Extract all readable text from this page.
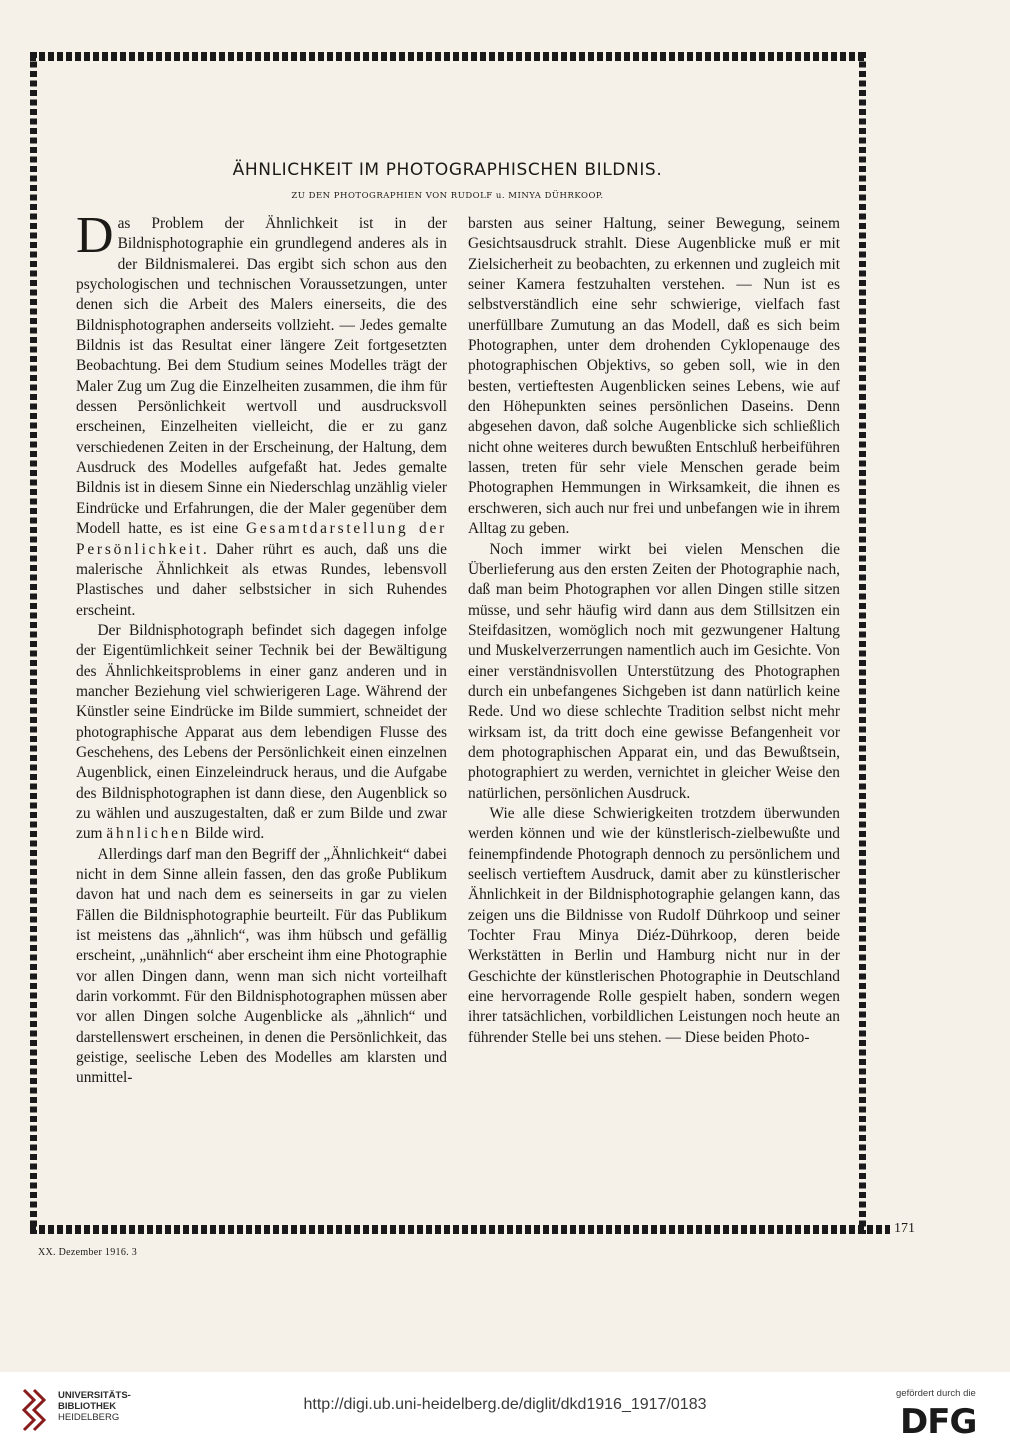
ÄHNLICHKEIT IM PHOTOGRAPHISCHEN BILDNIS.
ZU DEN PHOTOGRAPHIEN VON RUDOLF u. MINYA DÜHRKOOP.

Das Problem der Ähnlichkeit ist in der Bildnisphotographie ein grundlegend anderes als in der Bildnismalerei. Das ergibt sich schon aus den psychologischen und technischen Voraussetzungen, unter denen sich die Arbeit des Malers einerseits, die des Bildnisphotographen anderseits vollzieht. — Jedes gemalte Bildnis ist das Resultat einer längere Zeit fortgesetzten Beobachtung. Bei dem Studium seines Modelles trägt der Maler Zug um Zug die Einzelheiten zusammen, die ihm für dessen Persönlichkeit wertvoll und ausdrucksvoll erscheinen, Einzelheiten vielleicht, die er zu ganz verschiedenen Zeiten in der Erscheinung, der Haltung, dem Ausdruck des Modelles aufgefaßt hat. Jedes gemalte Bildnis ist in diesem Sinne ein Niederschlag unzählig vieler Eindrücke und Erfahrungen, die der Maler gegenüber dem Modell hatte, es ist eine Gesamtdarstellung der Persönlichkeit. Daher rührt es auch, daß uns die malerische Ähnlichkeit als etwas Rundes, lebensvoll Plastisches und daher selbstsicher in sich Ruhendes erscheint.

Der Bildnisphotograph befindet sich dagegen infolge der Eigentümlichkeit seiner Technik bei der Bewältigung des Ähnlichkeitsproblems in einer ganz anderen und in mancher Beziehung viel schwierigeren Lage. Während der Künstler seine Eindrücke im Bilde summiert, schneidet der photographische Apparat aus dem lebendigen Flusse des Geschehens, des Lebens der Persönlichkeit einen einzelnen Augenblick, einen Einzeleindruck heraus, und die Aufgabe des Bildnisphotographen ist dann diese, den Augenblick so zu wählen und auszugestalten, daß er zum Bilde und zwar zum ähnlichen Bilde wird.

Allerdings darf man den Begriff der „Ähnlichkeit“ dabei nicht in dem Sinne allein fassen, den das große Publikum davon hat und nach dem es seinerseits in gar zu vielen Fällen die Bildnisphotographie beurteilt. Für das Publikum ist meistens das „ähnlich“, was ihm hübsch und gefällig erscheint, „unähnlich“ aber erscheint ihm eine Photographie vor allen Dingen dann, wenn man sich nicht vorteilhaft darin vorkommt. Für den Bildnisphotographen müssen aber vor allen Dingen solche Augenblicke als „ähnlich“ und darstellenswert erscheinen, in denen die Persönlichkeit, das geistige, seelische Leben des Modelles am klarsten und unmittel-

barsten aus seiner Haltung, seiner Bewegung, seinem Gesichtsausdruck strahlt. Diese Augenblicke muß er mit Zielsicherheit zu beobachten, zu erkennen und zugleich mit seiner Kamera festzuhalten verstehen. — Nun ist es selbstverständlich eine sehr schwierige, vielfach fast unerfüllbare Zumutung an das Modell, daß es sich beim Photographen, unter dem drohenden Cyklopenauge des photographischen Objektivs, so geben soll, wie in den besten, vertieftesten Augenblicken seines Lebens, wie auf den Höhepunkten seines persönlichen Daseins. Denn abgesehen davon, daß solche Augenblicke sich schließlich nicht ohne weiteres durch bewußten Entschluß herbeiführen lassen, treten für sehr viele Menschen gerade beim Photographen Hemmungen in Wirksamkeit, die ihnen es erschweren, sich auch nur frei und unbefangen wie in ihrem Alltag zu geben.

Noch immer wirkt bei vielen Menschen die Überlieferung aus den ersten Zeiten der Photographie nach, daß man beim Photographen vor allen Dingen stille sitzen müsse, und sehr häufig wird dann aus dem Stillsitzen ein Steifdasitzen, womöglich noch mit gezwungener Haltung und Muskelverzerrungen namentlich auch im Gesichte. Von einer verständnisvollen Unterstützung des Photographen durch ein unbefangenes Sichgeben ist dann natürlich keine Rede. Und wo diese schlechte Tradition selbst nicht mehr wirksam ist, da tritt doch eine gewisse Befangenheit vor dem photographischen Apparat ein, und das Bewußtsein, photographiert zu werden, vernichtet in gleicher Weise den natürlichen, persönlichen Ausdruck.

Wie alle diese Schwierigkeiten trotzdem überwunden werden können und wie der künstlerisch-zielbewußte und feinempfindende Photograph dennoch zu persönlichem und seelisch vertieftem Ausdruck, damit aber zu künstlerischer Ähnlichkeit in der Bildnisphotographie gelangen kann, das zeigen uns die Bildnisse von Rudolf Dührkoop und seiner Tochter Frau Minya Diéz-Dührkoop, deren beide Werkstätten in Berlin und Hamburg nicht nur in der Geschichte der künstlerischen Photographie in Deutschland eine hervorragende Rolle gespielt haben, sondern wegen ihrer tatsächlichen, vorbildlichen Leistungen noch heute an führender Stelle bei uns stehen. — Diese beiden Photo-

171
XX. Dezember 1916. 3
UNIVERSITÄTS-
BIBLIOTHEK
HEIDELBERG
http://digi.ub.uni-heidelberg.de/diglit/dkd1916_1917/0183
gefördert durch die
DFG
